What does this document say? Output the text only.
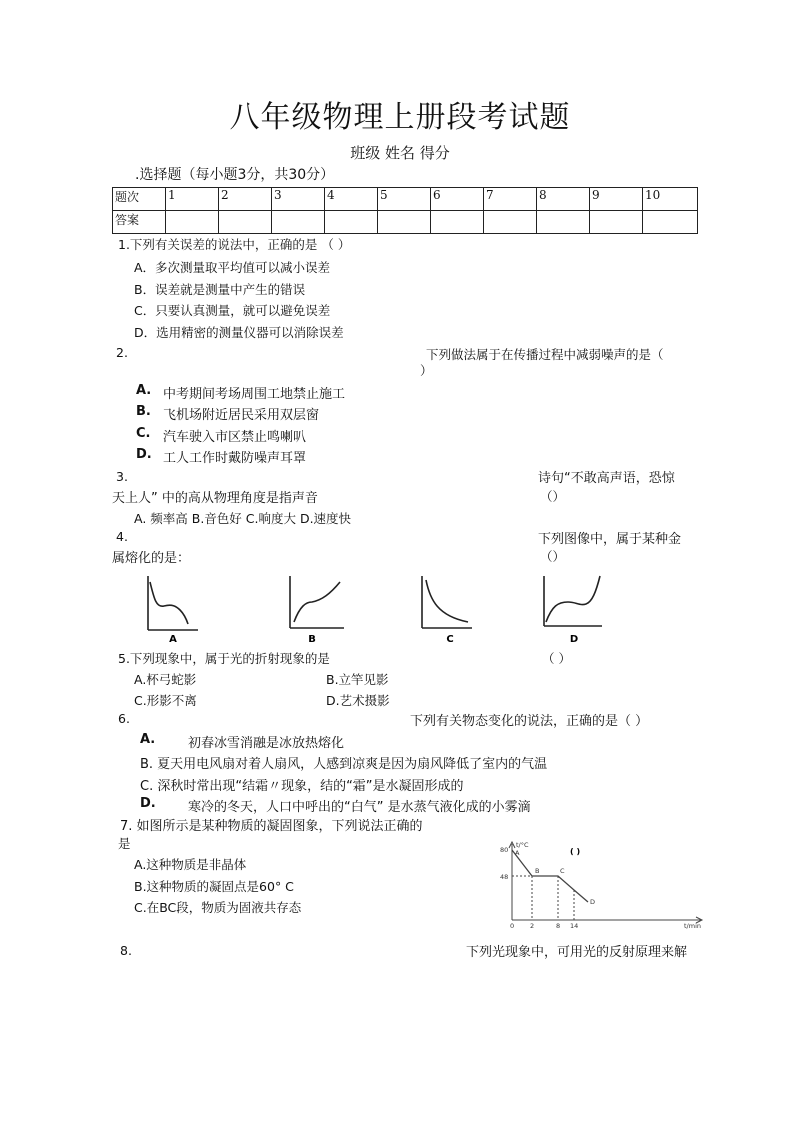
八年级物理上册段考试题
班级 姓名 得分
.选择题（每小题3分，共30分）
题次	1	2	3	4	5	6	7	8	9	10
答案										
1.下列有关误差的说法中，正确的是 （ ）
A．多次测量取平均值可以减小误差
B．误差就是测量中产生的错误
C．只要认真测量，就可以避免误差
D．选用精密的测量仪器可以消除误差
2.	下列做法属于在传播过程中减弱噪声的是（
）
A. 中考期间考场周围工地禁止施工
B. 飞机场附近居民采用双层窗
C. 汽车驶入市区禁止鸣喇叭
D. 工人工作时戴防噪声耳罩
3.	诗句“不敢高声语，恐惊
（）
天上人” 中的高从物理角度是指声音
A. 频率高 B.音色好 C.响度大 D.速度快
4.	下列图像中，属于某种金
（）
属熔化的是：
A	B	C	D
5.下列现象中，属于光的折射现象的是	（ ）
A.杯弓蛇影	B.立竿见影
C.形影不离	D.艺术摄影
6.	下列有关物态变化的说法，正确的是（ ）
A.	初春冰雪消融是冰放热熔化
B. 夏天用电风扇对着人扇风，人感到凉爽是因为扇风降低了室内的气温
C. 深秋时常出现“结霜〃现象，结的“霜”是水凝固形成的
D. 寒冷的冬天，人口中呼出的“白气” 是水蒸气液化成的小雾滴
7. 如图所示是某种物质的凝固图象，下列说法正确的
是
A.这种物质是非晶体
B.这种物质的凝固点是60° C
C.在BC段，物质为固液共存态
t/°C
80
48
0 2	8 14	t/min
A
B	C
D
( )
8.	下列光现象中，可用光的反射原理来解
